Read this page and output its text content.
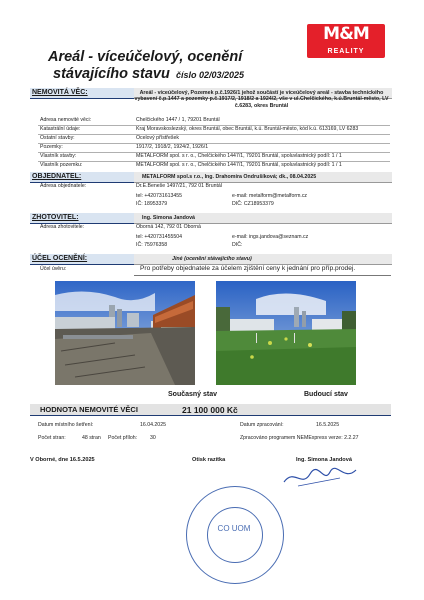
M&M
REALITY
Areál - víceúčelový, ocenění
stávajícího stavu číslo 02/03/2025
NEMOVITÁ VĚC:	Areál - víceúčelový, Pozemek p.č.1926/1 jehož součástí je víceúčelový areál - stavba technického vybavení č.p.1447 a pozemky p.č.1917/2, 1918/2 a 1924/2, vše v ul.Chelčického, k.ú.Bruntál-město, LV č.6283, okres Bruntál
Adresa nemovité věci:	Chelčického 1447 / 1, 79201 Bruntál
Katastrální údaje:	Kraj Moravskoslezský, okres Bruntál, obec Bruntál, k.ú. Bruntál-město, kód k.ú. 613169, LV 6283
Ostatní stavby:	Ocelový přístřešek
Pozemky:	1917/2, 1918/2, 1924/2, 1926/1
Vlastník stavby:	METALFORM spol. s r. o., Chelčického 1447/1, 79201 Bruntál, spoluvlastnický podíl: 1 / 1
Vlastník pozemku:	METALFORM spol. s r. o., Chelčického 1447/1, 79201 Bruntál, spoluvlastnický podíl: 1 / 1
OBJEDNATEL:	METALFORM spol.s r.o., Ing. Drahomíra Ondrušíková; dk., 08.04.2025
Adresa objednatele:	Dr.E.Beneše 1497/21, 792 01 Bruntál
tel: +420731613455
IČ: 18953379
e-mail: metalform@metalform.cz
DIČ: CZ18953379
ZHOTOVITEL:	Ing. Simona Jandová
Adresa zhotovitele:	Oborná 142, 792 01 Oborná
tel: +420731455504
IČ: 75976358
e-mail: ings.jandova@seznam.cz
DIČ:
ÚČEL OCENĚNÍ:	Jiné (ocenění stávajícího stavu)
Účel úvěru:	Pro potřeby objednatele za účelem zjištění ceny k jednání pro příp.prodej.
Současný stav	Budoucí stav
HODNOTA NEMOVITÉ VĚCI	21 100 000 Kč
Datum místního šetření:	16.04.2025	Datum zpracování:	16.5.2025
Počet stran:	48 stran Počet příloh: 30	Zpracováno programem NEMExpress verze: 2.2.27
V Oborné, dne 16.5.2025	Otisk razítka	Ing. Simona Jandová
CO UOM
